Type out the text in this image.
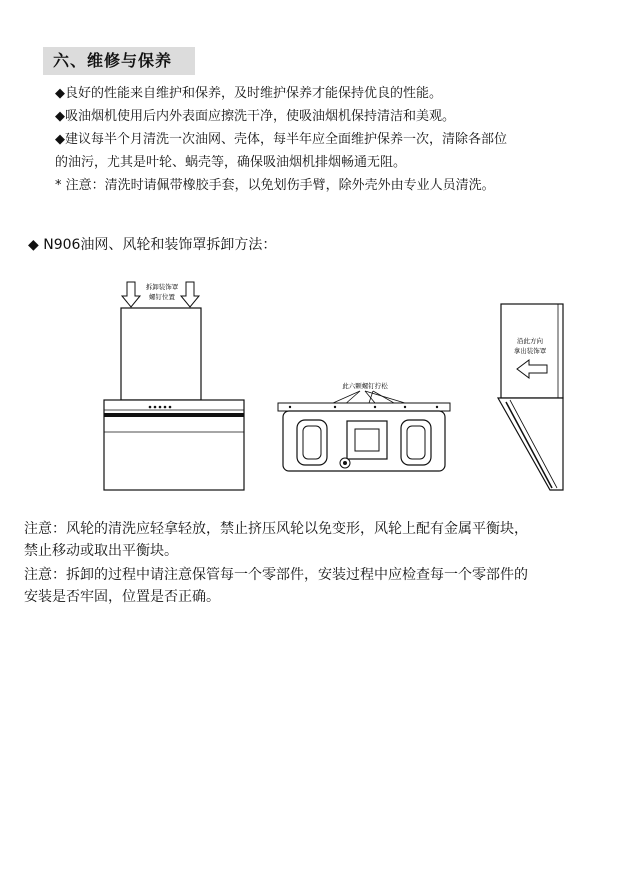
六、维修与保养
◆良好的性能来自维护和保养，及时维护保养才能保持优良的性能。
◆吸油烟机使用后内外表面应擦洗干净，使吸油烟机保持清洁和美观。
◆建议每半个月清洗一次油网、壳体，每半年应全面维护保养一次，清除各部位
的油污，尤其是叶轮、蜗壳等，确保吸油烟机排烟畅通无阻。
* 注意：清洗时请佩带橡胶手套，以免划伤手臂，除外壳外由专业人员清洗。
◆ N906油网、风轮和装饰罩拆卸方法：
拆卸装饰罩
螺钉位置
此六颗螺钉拧松
沿此方向
拿出装饰罩
注意：风轮的清洗应轻拿轻放，禁止挤压风轮以免变形，风轮上配有金属平衡块，
禁止移动或取出平衡块。
注意：拆卸的过程中请注意保管每一个零部件，安装过程中应检查每一个零部件的
安装是否牢固，位置是否正确。
